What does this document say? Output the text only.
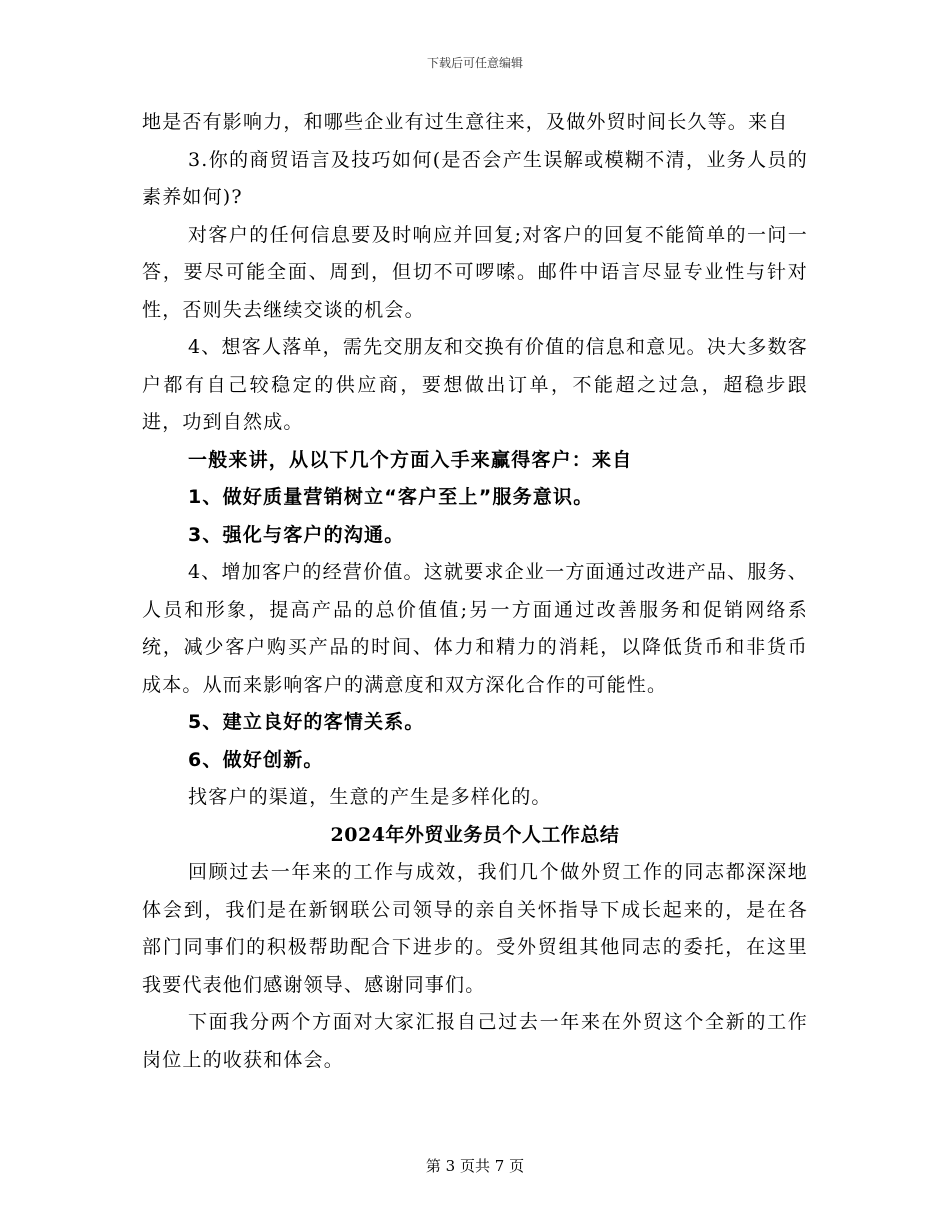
下载后可任意编辑

地是否有影响力，和哪些企业有过生意往来，及做外贸时间长久等。来自

3.你的商贸语言及技巧如何(是否会产生误解或模糊不清，业务人员的素养如何)?

对客户的任何信息要及时响应并回复;对客户的回复不能简单的一问一答，要尽可能全面、周到，但切不可啰嗦。邮件中语言尽显专业性与针对性，否则失去继续交谈的机会。

4、想客人落单，需先交朋友和交换有价值的信息和意见。决大多数客户都有自己较稳定的供应商，要想做出订单，不能超之过急，超稳步跟进，功到自然成。

一般来讲，从以下几个方面入手来赢得客户：来自

1、做好质量营销树立“客户至上”服务意识。

3、强化与客户的沟通。

4、增加客户的经营价值。这就要求企业一方面通过改进产品、服务、人员和形象，提高产品的总价值值;另一方面通过改善服务和促销网络系统，减少客户购买产品的时间、体力和精力的消耗，以降低货币和非货币成本。从而来影响客户的满意度和双方深化合作的可能性。

5、建立良好的客情关系。

6、做好创新。

找客户的渠道，生意的产生是多样化的。

2024年外贸业务员个人工作总结

回顾过去一年来的工作与成效，我们几个做外贸工作的同志都深深地体会到，我们是在新钢联公司领导的亲自关怀指导下成长起来的，是在各部门同事们的积极帮助配合下进步的。受外贸组其他同志的委托，在这里我要代表他们感谢领导、感谢同事们。

下面我分两个方面对大家汇报自己过去一年来在外贸这个全新的工作岗位上的收获和体会。

第 3 页共 7 页
